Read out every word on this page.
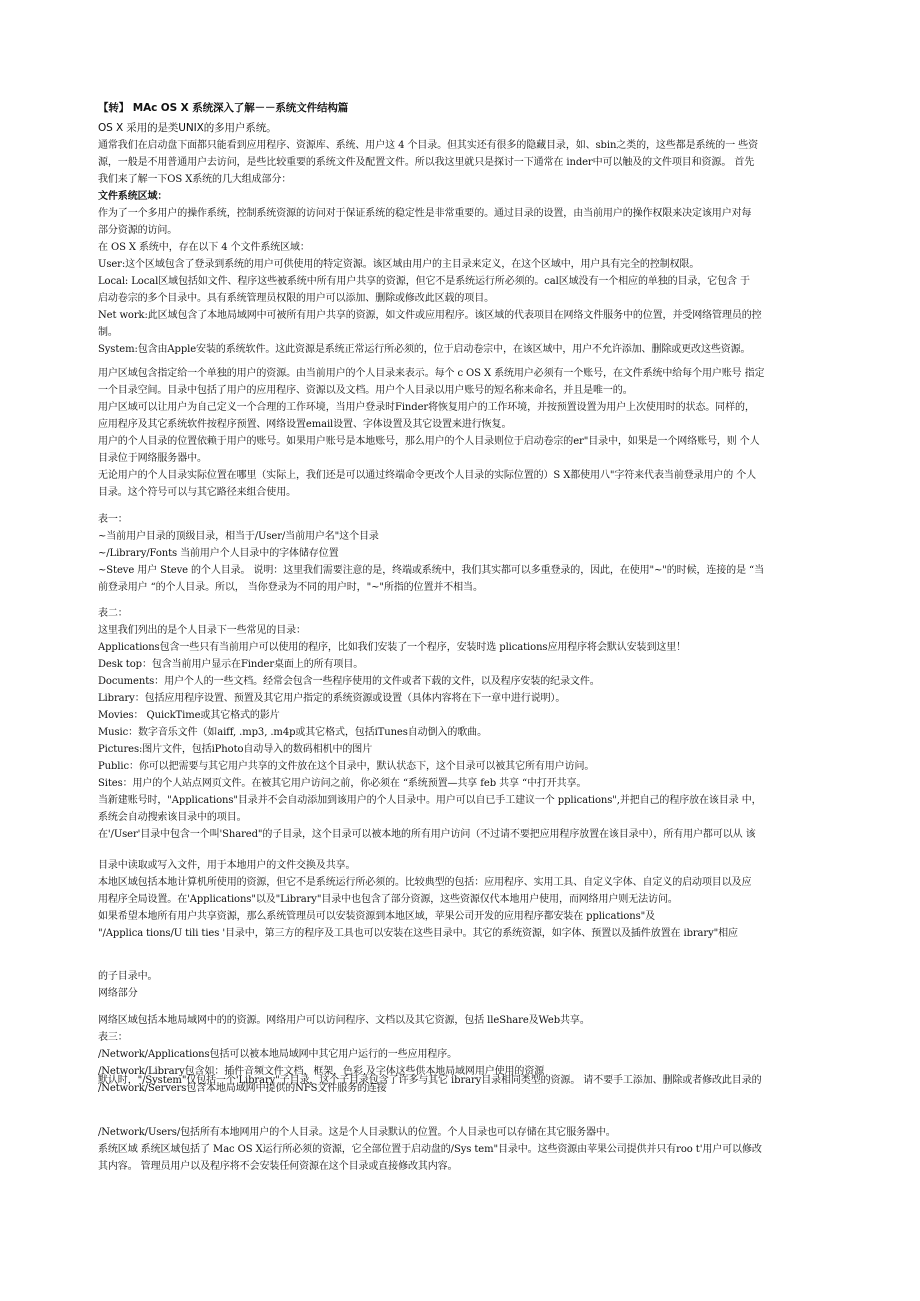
【转】 MAc OS X 系统深入了解－－系统文件结构篇
OS X 采用的是类UNIX的多用户系统。
通常我们在启动盘下面都只能看到应用程序、资源库、系统、用户这 4 个目录。但其实还有很多的隐藏目录，如、sbin之类的，这些都是系统的一 些资
源，一般是不用普通用户去访问，是些比较重要的系统文件及配置文件。所以我这里就只是探讨一下通常在 inder中可以触及的文件项目和资源。 首先
我们来了解一下OS X系统的几大组成部分：
文件系统区域：
作为了一个多用户的操作系统，控制系统资源的访问对于保证系统的稳定性是非常重要的。通过目录的设置，由当前用户的操作权限来决定该用户对每
部分资源的访问。
在 OS X 系统中，存在以下 4 个文件系统区域：
User:这个区域包含了登录到系统的用户可供使用的特定资源。该区域由用户的主目录来定义，在这个区域中，用户具有完全的控制权限。
Local: Local区域包括如文件、程序这些被系统中所有用户共享的资源，但它不是系统运行所必须的。cal区域没有一个相应的单独的目录，它包含 于
启动卷宗的多个目录中。具有系统管理员权限的用户可以添加、删除或修改此区载的项目。
Net work:此区域包含了本地局域网中可被所有用户共享的资源，如文件或应用程序。该区域的代表项目在网络文件服务中的位置，并受网络管理员的控
制。
System:包含由Apple安装的系统软件。这此资源是系统正常运行所必须的，位于启动卷宗中，在该区域中，用户不允许添加、删除或更改这些资源。
用户区域包含指定给一个单独的用户的资源。由当前用户的个人目录来表示。每个 c OS X 系统用户必须有一个账号，在文件系统中给每个用户账号 指定
一个目录空间。目录中包括了用户的应用程序、资源以及文档。用户个人目录以用户账号的短名称来命名，并且是唯一的。
用户区域可以让用户为自己定义一个合理的工作环境，当用户登录时Finder将恢复用户的工作环境，并按预置设置为用户上次使用时的状态。同样的，
应用程序及其它系统软件按程序预置、网络设置email设置、字体设置及其它设置来进行恢复。
用户的个人目录的位置依赖于用户的账号。如果用户账号是本地账号，那么用户的个人目录则位于启动卷宗的er"目录中，如果是一个网络账号，则 个人
目录位于网络服务器中。
无论用户的个人目录实际位置在哪里（实际上，我们还是可以通过终端命令更改个人目录的实际位置的）S X都使用八"字符来代表当前登录用户的 个人
目录。这个符号可以与其它路径来组合使用。
表一：
~当前用户目录的顶级目录，相当于/User/当前用户名"这个目录
~/Library/Fonts 当前用户个人目录中的字体储存位置
~Steve 用户 Steve 的个人目录。 说明：这里我们需要注意的是，终端或系统中，我们其实都可以多重登录的，因此，在使用"~"的时候，连接的是 “当
前登录用户 “的个人目录。所以， 当你登录为不同的用户时，"~"所指的位置并不相当。
表二：
这里我们列出的是个人目录下一些常见的目录：
Applications包含一些只有当前用户可以使用的程序，比如我们安装了一个程序，安装时选 plications应用程序将会默认安装到这里！
Desk top：包含当前用户显示在Finder桌面上的所有项目。
Documents：用户个人的一些文档。经常会包含一些程序使用的文件或者下载的文件，以及程序安装的纪录文件。
Library：包括应用程序设置、预置及其它用户指定的系统资源或设置（具体内容将在下一章中进行说明）。
Movies： QuickTime或其它格式的影片
Music：数字音乐文件（如aiff, .mp3, .m4p或其它格式，包括iTunes自动倒入的歌曲。
Pictures:图片文件，包括iPhoto自动导入的数码相机中的图片
Public：你可以把需要与其它用户共享的文件放在这个目录中，默认状态下，这个目录可以被其它所有用户访问。
Sites：用户的个人站点网页文件。在被其它用户访问之前，你必须在 “系统预置—共享 feb 共享 “中打开共享。
当新建账号时，"Applications"目录并不会自动添加到该用户的个人目录中。用户可以自已手工建议一个 pplications",并把自己的程序放在该目录 中，
系统会自动搜索该目录中的项目。
在'/User'目录中包含一个叫'Shared"的子目录，这个目录可以被本地的所有用户访问（不过请不要把应用程序放置在该目录中），所有用户都可以从 该
目录中读取或写入文件，用于本地用户的文件交换及共享。
本地区域包括本地计算机所使用的资源，但它不是系统运行所必须的。比较典型的包括：应用程序、实用工具、自定义字体、自定义的启动项目以及应
用程序全局设置。在'Applications"以及"Library"目录中也包含了部分资源，这些资源仅代本地用户使用，而网络用户则无法访问。
如果希望本地所有用户共享资源，那么系统管理员可以安装资源到本地区域，苹果公司开发的应用程序都安装在 pplications"及
"/Applica tions/U tili ties '目录中，第三方的程序及工具也可以安装在这些目录中。其它的系统资源，如字体、预置以及插件放置在 ibrary"相应
的子目录中。
网络部分
网络区域包括本地局域网中的的资源。网络用户可以访问程序、文档以及其它资源，包括 lleShare及Web共享。
表三：
/Network/Applications包括可以被本地局域网中其它用户运行的一些应用程序。
/Network/Library包含如：插件音频文件文档，框架，色彩,及字体这些供本地局域网用户使用的资源
/Network/Servers包含本地局域网中提供的NFS文件服务的连接
/Network/Users/包括所有本地网用户的个人目录。这是个人目录默认的位置。个人目录也可以存储在其它服务器中。
系统区域 系统区域包括了 Mac OS X运行所必须的资源，它全部位置于启动盘的/Sys tem"目录中。这些资源由苹果公司提供并只有roo t'用户可以修改
其内容。 管理员用户以及程序将不会安装任何资源在这个目录或直接修改其内容。
默认时，"/System"仅包括一个'Library"子目录，这个子目录包含了许多与其它 ibrary目录相同类型的资源。 请不要手工添加、删除或者修改此目录的
